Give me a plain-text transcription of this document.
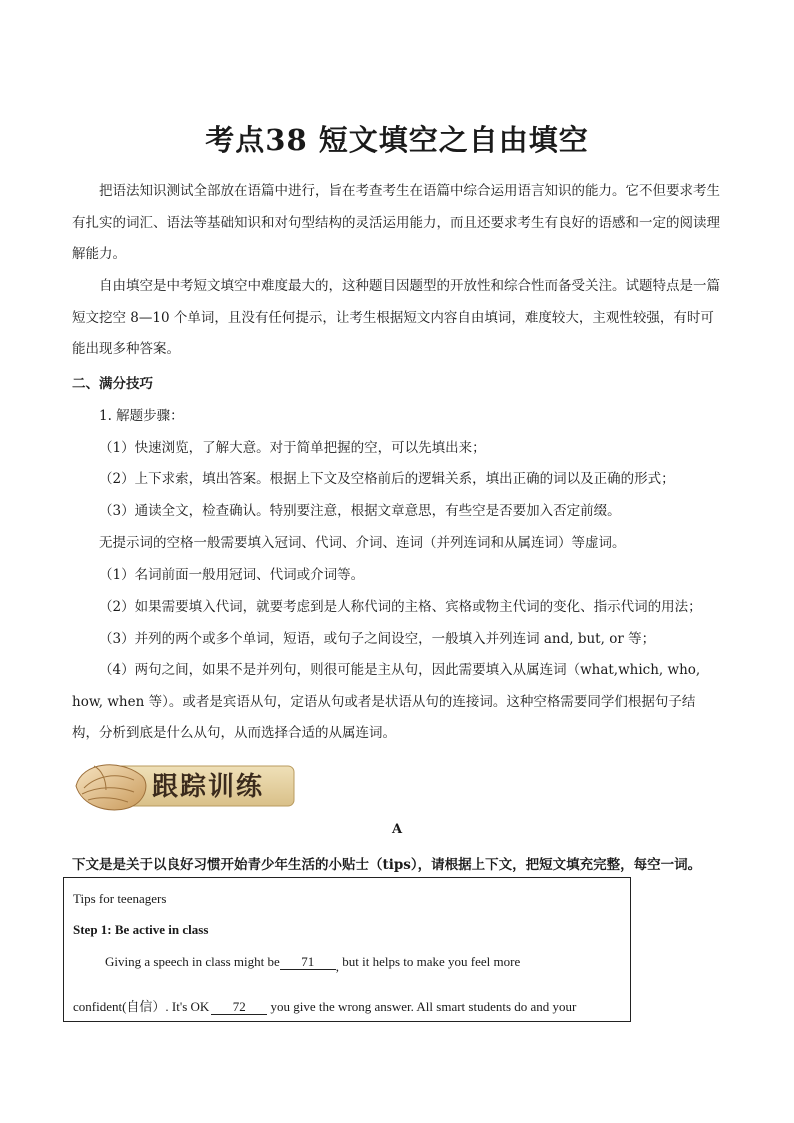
考点38 短文填空之自由填空
把语法知识测试全部放在语篇中进行，旨在考查考生在语篇中综合运用语言知识的能力。它不但要求考生有扎实的词汇、语法等基础知识和对句型结构的灵活运用能力，而且还要求考生有良好的语感和一定的阅读理解能力。
自由填空是中考短文填空中难度最大的，这种题目因题型的开放性和综合性而备受关注。试题特点是一篇短文挖空 8—10 个单词，且没有任何提示，让考生根据短文内容自由填词，难度较大，主观性较强，有时可能出现多种答案。
二、满分技巧
1. 解题步骤：
（1）快速浏览，了解大意。对于简单把握的空，可以先填出来；
（2）上下求索，填出答案。根据上下文及空格前后的逻辑关系，填出正确的词以及正确的形式；
（3）通读全文，检查确认。特别要注意，根据文章意思，有些空是否要加入否定前缀。
无提示词的空格一般需要填入冠词、代词、介词、连词（并列连词和从属连词）等虚词。
（1）名词前面一般用冠词、代词或介词等。
（2）如果需要填入代词，就要考虑到是人称代词的主格、宾格或物主代词的变化、指示代词的用法；
（3）并列的两个或多个单词，短语，或句子之间设空，一般填入并列连词 and, but, or 等；
（4）两句之间，如果不是并列句，则很可能是主从句，因此需要填入从属连词（what,which, who, how, when 等）。或者是宾语从句，定语从句或者是状语从句的连接词。这种空格需要同学们根据句子结构，分析到底是什么从句，从而选择合适的从属连词。
跟踪训练
A
下文是是关于以良好习惯开始青少年生活的小贴士（tips），请根据上下文，把短文填充完整，每空一词。
Tips for teenagers
Step 1: Be active in class
Giving a speech in class might be 71 , but it helps to make you feel more
confident(自信）. It's OK 72 you give the wrong answer. All smart students do and your
